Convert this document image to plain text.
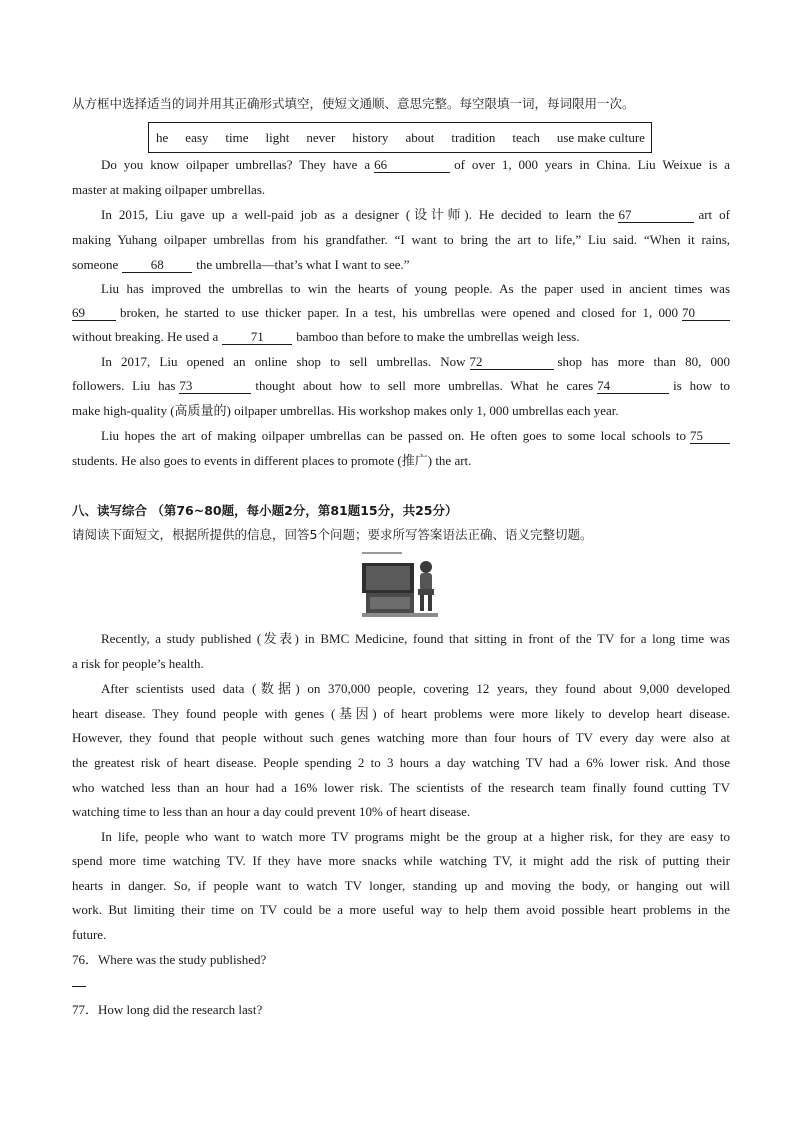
从方框中选择适当的词并用其正确形式填空，使短文通顺、意思完整。每空限填一词，每词限用一次。
he easy time light never history about tradition teach use make culture
Do you know oilpaper umbrellas? They have a 66	of over 1, 000 years in China. Liu Weixue is a
master at making oilpaper umbrellas.
In 2015, Liu gave up a well-paid job as a designer (设计师). He decided to learn the 67	art of
making Yuhang oilpaper umbrellas from his grandfather. “I want to bring the art to life,” Liu said. “When it rains,
someone	68	the umbrella—that’s what I want to see.”
Liu has improved the umbrellas to win the hearts of young people. As the paper used in ancient times was
69	broken, he started to use thicker paper. In a test, his umbrellas were opened and closed for 1, 000 70
without breaking. He used a	71	bamboo than before to make the umbrellas weigh less.
In 2017, Liu opened an online shop to sell umbrellas. Now 72	shop has more than 80, 000
followers. Liu has 73	thought about how to sell more umbrellas. What he cares 74	is how to
make high-quality (高质量的) oilpaper umbrellas. His workshop makes only 1, 000 umbrellas each year.
Liu hopes the art of making oilpaper umbrellas can be passed on. He often goes to some local schools to 75
students. He also goes to events in different places to promote (推广) the art.
八、读写综合 （第76~80题，每小题2分，第81题15分，共25分）
请阅读下面短文，根据所提供的信息，回答5个问题；要求所写答案语法正确、语义完整切题。
Recently, a study published (发表) in BMC Medicine, found that sitting in front of the TV for a long time was
a risk for people’s health.
After scientists used data (数据) on 370,000 people, covering 12 years, they found about 9,000 developed
heart disease. They found people with genes (基因) of heart problems were more likely to develop heart disease.
However, they found that people without such genes watching more than four hours of TV every day were also at
the greatest risk of heart disease. People spending 2 to 3 hours a day watching TV had a 6% lower risk. And those
who watched less than an hour had a 16% lower risk. The scientists of the research team finally found cutting TV
watching time to less than an hour a day could prevent 10% of heart disease.
In life, people who want to watch more TV programs might be the group at a higher risk, for they are easy to
spend more time watching TV. If they have more snacks while watching TV, it might add the risk of putting their
hearts in danger. So, if people want to watch TV longer, standing up and moving the body, or hanging out will
work. But limiting their time on TV could be a more useful way to help them avoid possible heart problems in the
future.
76．Where was the study published?
77．How long did the research last?
